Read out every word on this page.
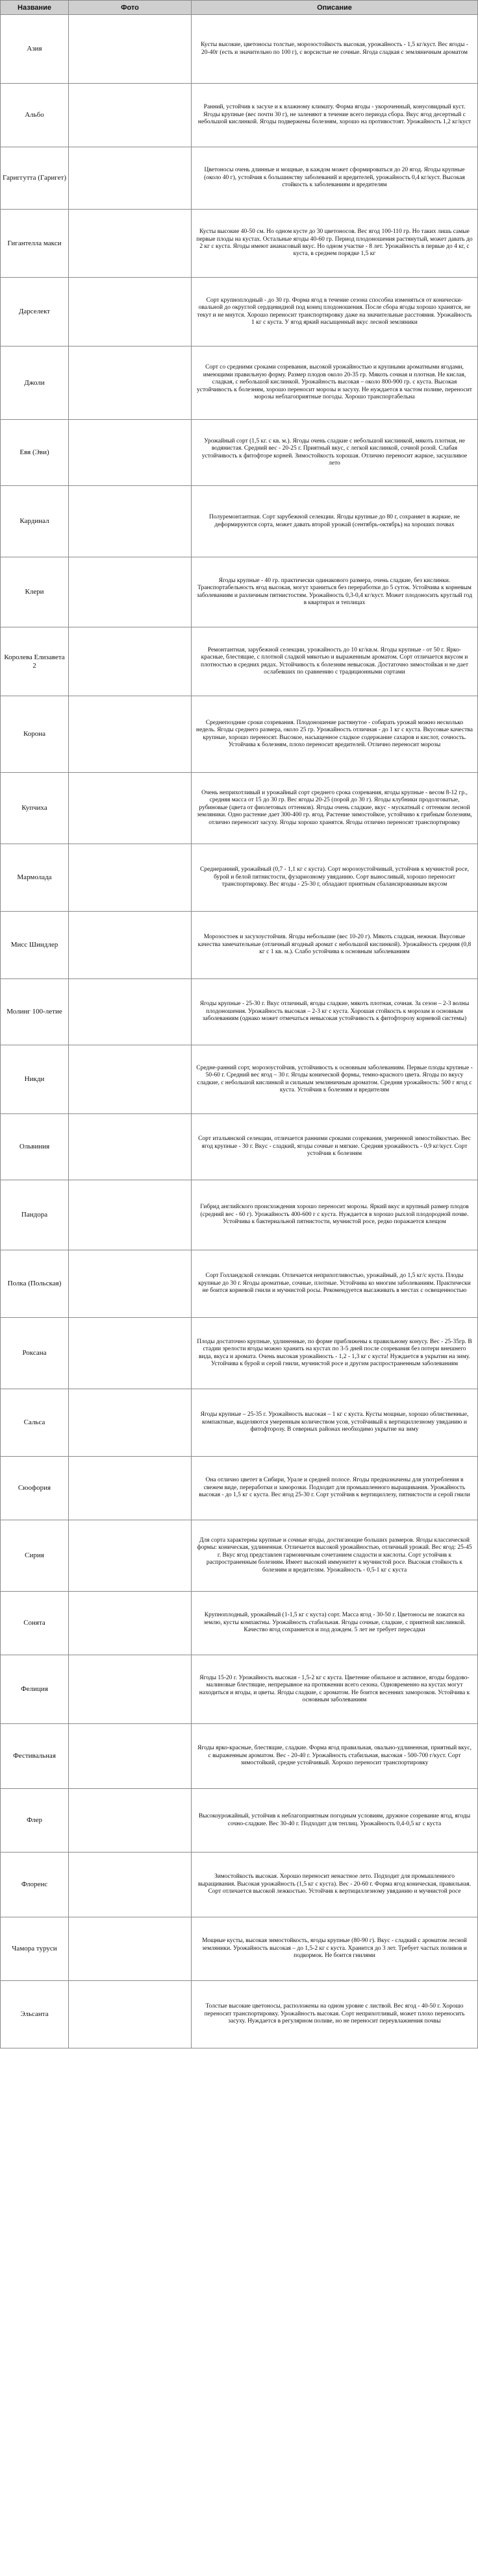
Название	Фото	Описание
Азия		Кусты высокие, цветоносы толстые, морозостойкость высокая, урожайность - 1,5 кг/куст. Вес ягоды - 20-40г (есть и значительно по 100 г), с ворсистые не сочные. Ягода сладкая с земляничным ароматом
Альбо		Ранний, устойчив к засухе и к влажному климату. Форма ягоды - укороченный, конусовидный куст. Ягоды крупные (вес почти 30 г), не заленяют в течение всего периода сбора. Вкус ягод десертный с небольшой кислинкой. Ягоды подвержены болезням, хорошо на противостоят. Урожайность 1,2 кг/куст
Гариггутта (Гаригет)		Цветоносы очень длинные и мощные, в каждом может сформироваться до 20 ягод. Ягоды крупные (около 40 г), устойчив к большинству заболеваний и вредителей, урожайность 0,4 кг/куст. Высокая стойкость к заболеваниям и вредителям
Гигантелла макси		Кусты высокие 40-50 см. Но одном кусте до 30 цветоносов. Вес ягод 100-110 гр. Но таких лишь самые первые плоды на кустах. Остальные ягоды 40-60 гр. Период плодоношения растянутый, может давать до 2 кг с куста. Ягоды имеют ананасовый вкус. Но одном участке - 8 лет. Урожайность в первые до 4 кг, с куста, в среднем порядке 1,5 кг
Дарселект		Сорт крупноплодный - до 30 гр. Форма ягод в течение сезона способна изменяться от конически-овальной до округлой сердцевидной под конец плодоношения. После сбора ягоды хорошо хранятся, не текут и не мнутся. Хорошо переносит транспортировку даже на значительные расстояния. Урожайность 1 кг с куста. У ягод яркий насыщенный вкус лесной земляники
Джоли		Сорт со средними сроками созревания, высокой урожайностью и крупными ароматными ягодами, имеющими правильную форму. Размер плодов около 20-35 гр. Мякоть сочная и плотная. Не кислая, сладкая, с небольшой кислинкой. Урожайность высокая – около 800-900 гр. с куста. Высокая устойчивость к болезням, хорошо переносит морозы и засуху. Не нуждается в частом поливе, переносит морозы неблагоприятные погоды. Хорошо транспортабельна
Евя (Эви)		Урожайный сорт (1,5 кг. с кв. м.). Ягоды очень сладкие с небольшой кислинкой, мякоть плотная, не водянистая. Средний вес - 20-25 г. Приятный вкус, с легкой кислинкой, сочной розой. Слабая устойчивость к фитофторе корней. Зимостойкость хорошая. Отлично переносит жаркое, засушливое лето
Кардинал		Полуремонтантная. Сорт зарубежной селекции. Ягоды крупные до 80 г, сохраняет в жаркие, не деформируются сорта, может давать второй урожай (сентябрь-октябрь) на хороших почвах
Клери		Ягоды крупные - 40 гр. практически одинакового размера, очень сладкие, без кислинки. Транспортабельность ягод высокая, могут храниться без переработки до 5 суток. Устойчива к корневым заболеваниям и различным пятнистостям. Урожайность 0,3-0,4 кг/куст. Может плодоносить круглый год в квартирах и теплицах
Королева Елизавета 2		Ремонтантная, зарубежной селекции, урожайность до 10 кг/кв.м. Ягоды крупные - от 50 г. Ярко-красные, блестящие, с плотной сладкой мякотью и выраженным ароматом. Сорт отличается вкусом и плотностью в средних рядах. Устойчивость к болезням невысокая. Достаточно зимостойкая и не дает ослабевших по сравнению с традиционными сортами
Корона		Среднепоздние сроки созревания. Плодоношение растянутое - собирать урожай можно несколько недель. Ягоды среднего размера, около 25 гр. Урожайность отличная - до 1 кг с куста. Вкусовые качества крупные, хорошо переносят. Высокое, насыщенное сладкое содержание сахаров и кислот, сочность. Устойчива к болезням, плохо переносит вредителей. Отлично переносит морозы
Купчиха		Очень неприхотливый и урожайный сорт среднего срока созревания, ягоды крупные - весом 8-12 гр., средняя масса от 15 до 30 гр. Вес ягоды 20-25 (порой до 30 г). Ягоды клубники продолговатые, рубиновые (цвета от фиолетовых оттенков). Ягоды очень сладкие, вкус - мускатный с оттенком лесной земляники. Одно растение дает 300-400 гр. ягод. Растение зимостойкое, устойчиво к грибным болезням, отлично переносит засуху. Ягоды хорошо хранятся. Ягоды отлично переносят транспортировку
Мармолада		Среднеранний, урожайный (0,7 - 1,1 кг с куста). Сорт морозоустойчивый, устойчив к мучнистой росе, бурой и белой пятнистости, фузариозному увяданию. Сорт выносливый, хорошо переносит транспортировку. Вес ягоды - 25-30 г, обладают приятным сбалансированным вкусом
Мисс Шиндлер		Морозостоек и засухоустойчив. Ягоды небольшие (вес 10-20 г). Мякоть сладкая, нежная. Вкусовые качества замечательные (отличный ягодный аромат с небольшой кислинкой). Урожайность средняя (0,8 кг с 1 кв. м.). Слабо устойчива к основным заболеваниям
Молинг 100-летие		Ягоды крупные - 25-30 г. Вкус отличный, ягоды сладкие, мякоть плотная, сочная. За сезон – 2-3 волны плодоношения. Урожайность высокая – 2-3 кг с куста. Хорошая стойкость к морозам и основным заболеваниям (однако может отмечаться невысокая устойчивость к фитофторозу корневой системы)
Никди		Средне-ранний сорт, морозоустойчив, устойчивость к основным заболеваниям. Первые плоды крупные - 50-60 г. Средний вес ягод – 30 г. Ягоды конической формы, темно-красного цвета. Ягоды по вкусу сладкие, с небольшой кислинкой и сильным земляничным ароматом. Средняя урожайность: 500 г ягод с куста. Устойчив к болезням и вредителям
Ольвиния		Сорт итальянской селекции, отличается ранними сроками созревания, умеренной зимостойкостью. Вес ягод крупные - 30 г. Вкус - сладкий, ягоды сочные и мягкие. Средняя урожайность - 0,9 кг/куст. Сорт устойчив к болезням
Пандора		Гибрид английского происхождения хорошо переносит морозы. Яркий вкус и крупный размер плодов (средний вес - 60 г). Урожайность 400-600 г с куста. Нуждается в хорошо рыхлой плодородной почве. Устойчива к бактериальной пятнистости, мучнистой росе, редко поражается клещом
Полка (Польская)		Сорт Голландской селекции. Отличается неприхотливостью, урожайный, до 1,5 кг/с куста. Плоды крупные до 30 г. Ягоды ароматные, сочные, плотные. Устойчива ко многим заболеваниям. Практически не боится корневой гнили и мучнистой росы. Рекомендуется высаживать в местах с освещенностью
Роксана		Плоды достаточно крупные, удлиненные, по форме приближены к правильному конусу. Вес - 25-35гр. В стадии зрелости ягоды можно хранить на кустах по 3-5 дней после созревания без потери внешнего вида, вкуса и аромата. Очень высокая урожайность - 1,2 - 1,3 кг с куста! Нуждается в укрытии на зиму. Устойчива к бурой и серой гнили, мучнистой росе и другим распространенным заболеваниям
Сальса		Ягоды крупные – 25-35 г. Урожайность высокая – 1 кг с куста. Кусты мощные, хорошо облиственные, компактные, выделяются умеренным количеством усов, устойчивый к вертициллезному увяданию и фитофторозу. В северных районах необходимо укрытие на зиму
Сюофория		Она отлично цветет в Сибири, Урале и средней полосе. Ягоды предназначены для употребления в свежем виде, переработки и заморозки. Подходит для промышленного выращивания. Урожайность высокая - до 1,5 кг с куста. Вес ягод 25-30 г. Сорт устойчив к вертициллезу, пятнистости и серой гнили
Сирия		Для сорта характерны крупные и сочные ягоды, достигающие больших размеров. Ягоды классической формы: коническая, удлиненная. Отличается высокой урожайностью, отличный урожай. Вес ягод: 25-45 г. Вкус ягод представлен гармоничным сочетанием сладости и кислоты. Сорт устойчив к распространенным болезням. Имеет высокий иммунитет к мучнистой росе. Высокая стойкость к болезням и вредителям. Урожайность - 0,5-1 кг с куста
Сонята		Крупноплодный, урожайный (1-1,5 кг с куста) сорт. Масса ягод - 30-50 г. Цветоносы не ложатся на землю, кусты компактны. Урожайность стабильная. Ягоды сочные, сладкие, с приятной кислинкой. Качество ягод сохраняется и под дождем. 5 лет не требует пересадки
Фелиция		Ягоды 15-20 г. Урожайность высокая - 1,5-2 кг с куста. Цветение обильное и активное, ягоды бордово-малиновые блестящие, непрерывное на протяжении всего сезона. Одновременно на кустах могут находиться и ягоды, и цветы. Ягоды сладкие, с ароматом. Не боится весенних заморозков. Устойчива к основным заболеваниям
Фестивальная		Ягоды ярко-красные, блестящие, сладкие. Форма ягод правильная, овально-удлиненная, приятный вкус, с выраженным ароматом. Вес - 20-40 г. Урожайность стабильная, высокая - 500-700 г/куст. Сорт зимостойкий, средне устойчивый. Хорошо переносит транспортировку
Флер		Высокоурожайный, устойчив к неблагоприятным погодным условиям, дружное созревание ягод, ягоды сочно-сладкие. Вес 30-40 г. Подходит для теплиц. Урожайность 0,4-0,5 кг с куста
Флоренс		Зимостойкость высокая. Хорошо переносит ненастное лето. Подходит для промышленного выращивания. Высокая урожайность (1,5 кг с куста). Вес - 20-60 г. Форма ягод коническая, правильная. Сорт отличается высокой лежкостью. Устойчив к вертициллезному увяданию и мучнистой росе
Чамора туруси		Мощные кусты, высокая зимостойкость, ягоды крупные (80-90 г). Вкус - сладкий с ароматом лесной земляники. Урожайность высокая – до 1,5-2 кг с куста. Хранится до 3 лет. Требует частых поливов и подкормок. Не боится гнилями
Эльсанта		Толстые высокие цветоносы, расположены на одном уровне с листвой. Вес ягод - 40-50 г. Хорошо переносит транспортировку. Урожайность высокая. Сорт неприхотливый, может плохо переносить засуху. Нуждается в регулярном поливе, но не переносит переувлажнения почвы
